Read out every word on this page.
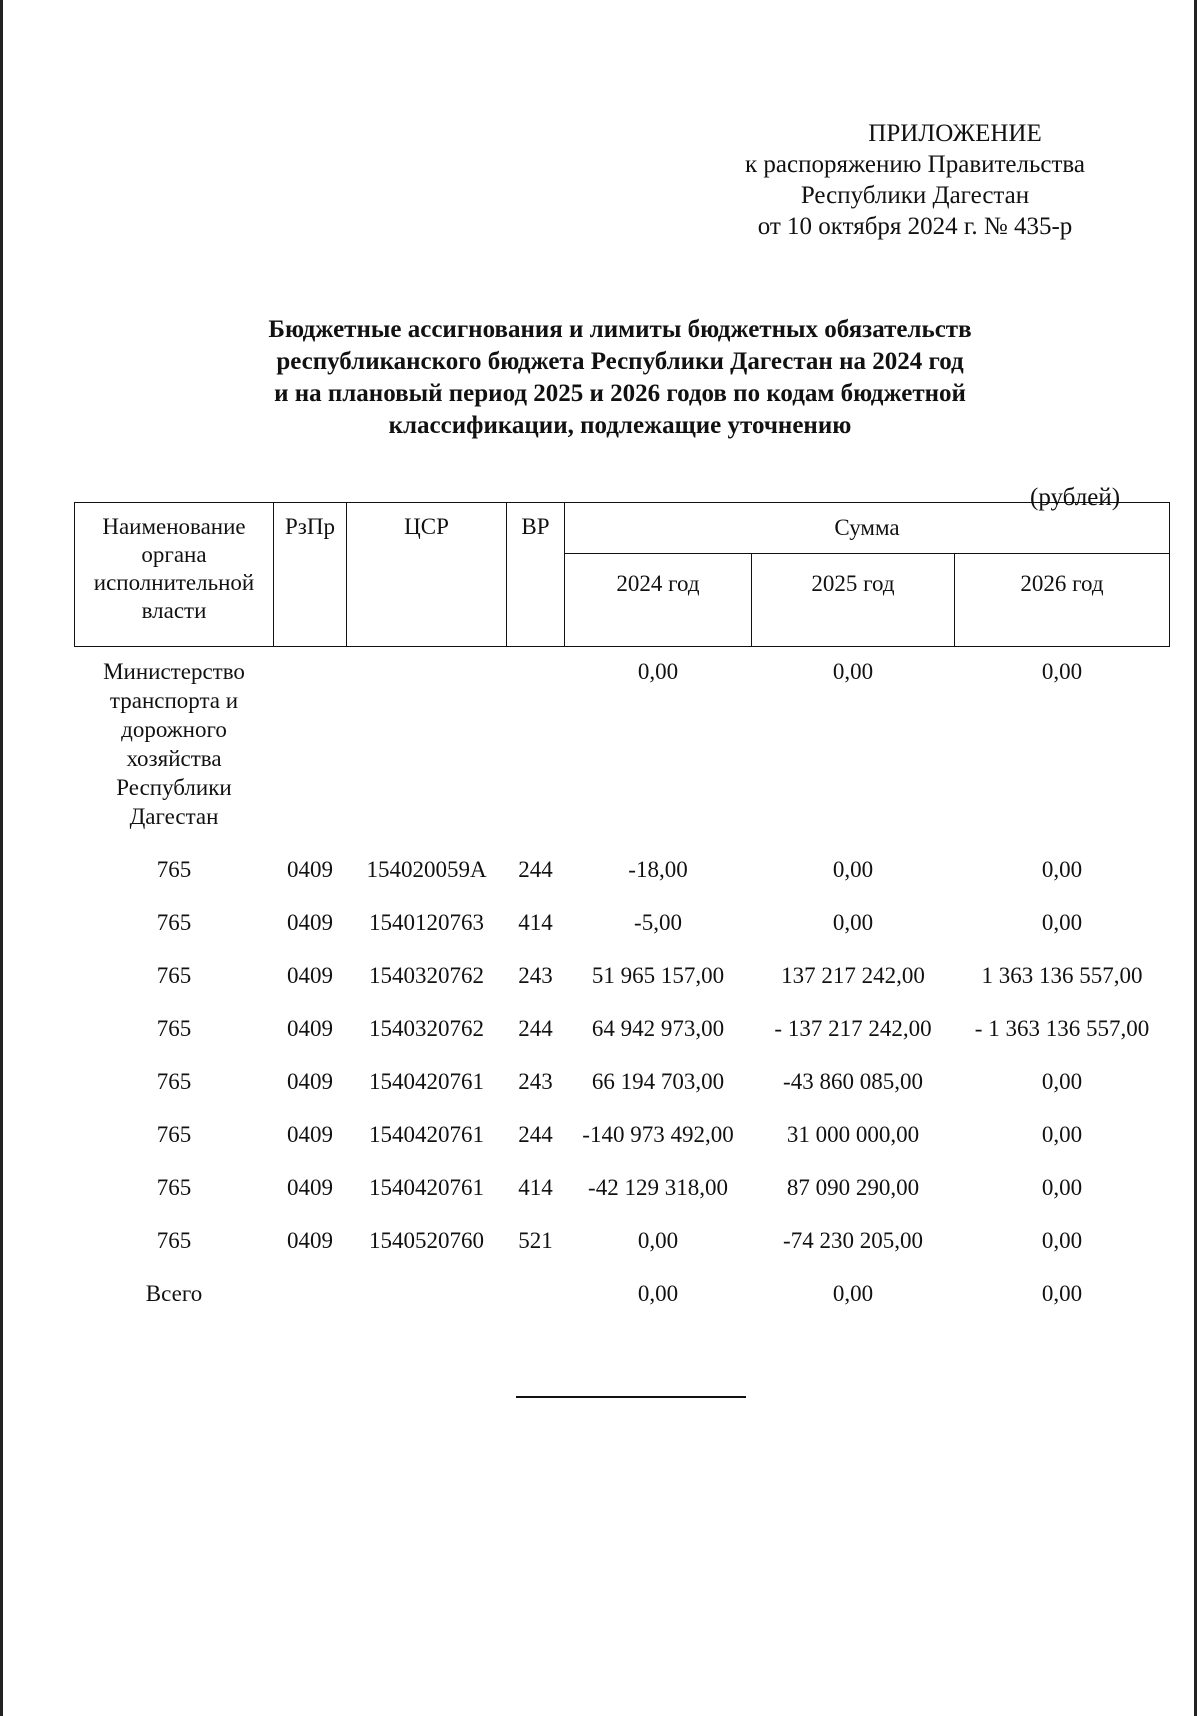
ПРИЛОЖЕНИЕ
к распоряжению Правительства
Республики Дагестан
от 10 октября 2024 г. № 435-р
Бюджетные ассигнования и лимиты бюджетных обязательств
республиканского бюджета Республики Дагестан на 2024 год
и на плановый период 2025 и 2026 годов по кодам бюджетной
классификации, подлежащие уточнению
(рублей)
Наименование органа исполнительной власти	РзПр	ЦСР	ВР	Сумма		
				2024 год	2025 год	2026 год
Министерство транспорта и дорожного хозяйства Республики Дагестан				0,00	0,00	0,00
765	0409	154020059А	244	-18,00	0,00	0,00
765	0409	1540120763	414	-5,00	0,00	0,00
765	0409	1540320762	243	51 965 157,00	137 217 242,00	1 363 136 557,00
765	0409	1540320762	244	64 942 973,00	- 137 217 242,00	- 1 363 136 557,00
765	0409	1540420761	243	66 194 703,00	-43 860 085,00	0,00
765	0409	1540420761	244	-140 973 492,00	31 000 000,00	0,00
765	0409	1540420761	414	-42 129 318,00	87 090 290,00	0,00
765	0409	1540520760	521	0,00	-74 230 205,00	0,00
Всего				0,00	0,00	0,00
